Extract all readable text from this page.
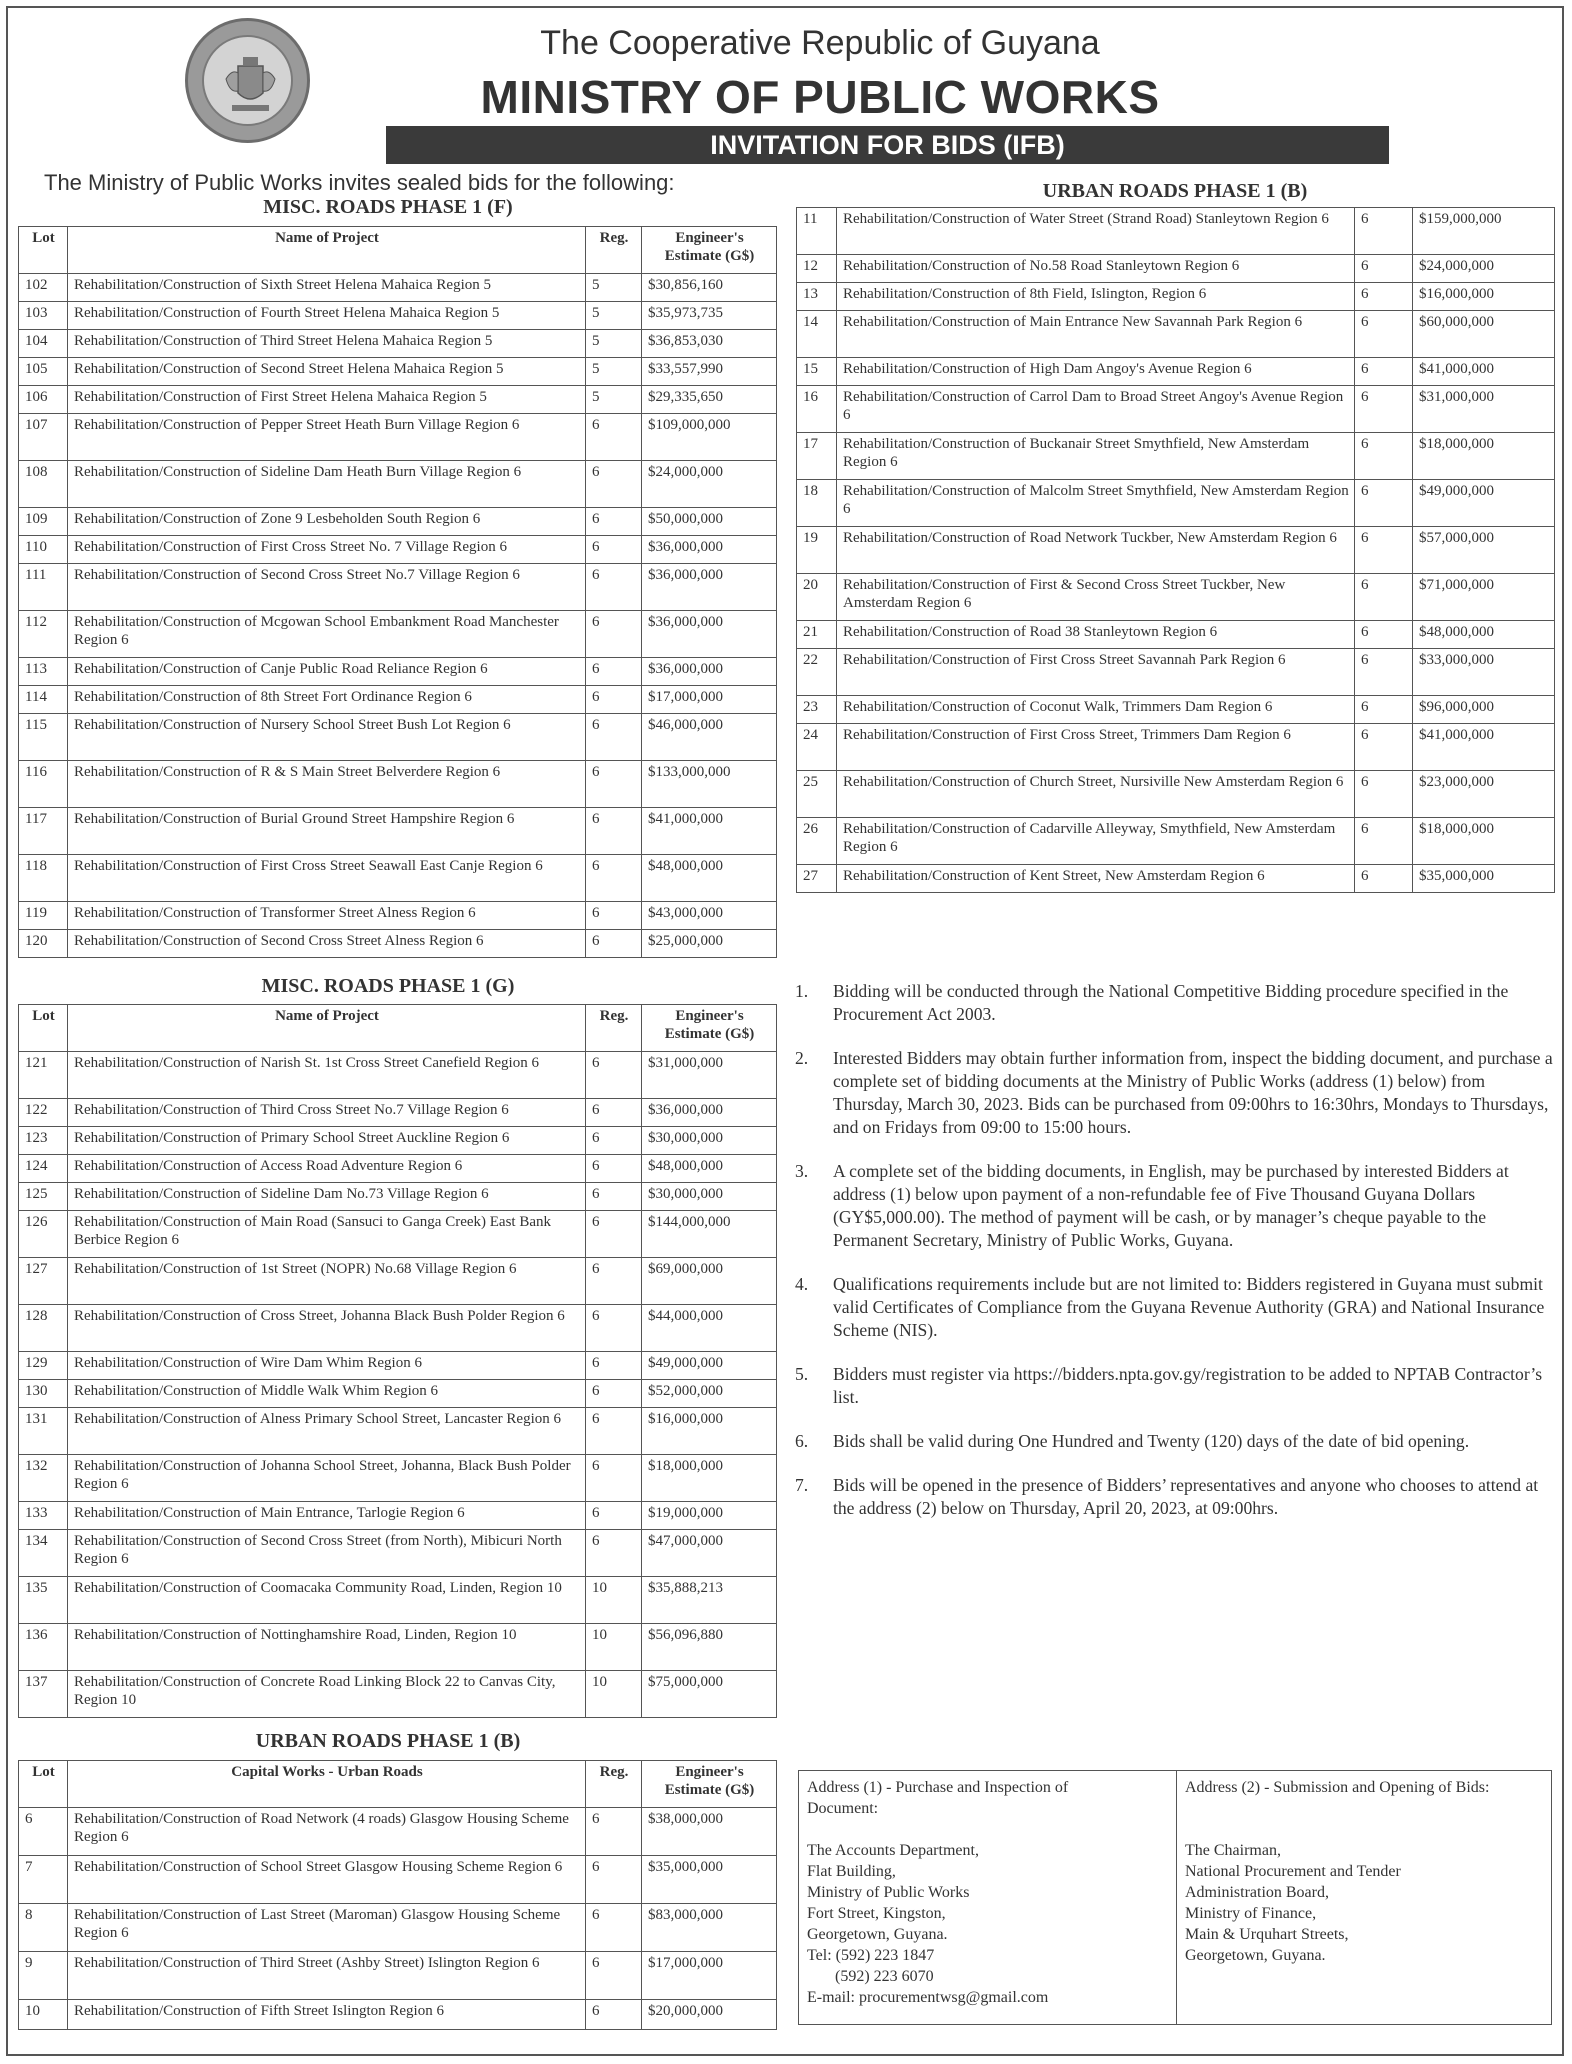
The Cooperative Republic of Guyana
MINISTRY OF PUBLIC WORKS
INVITATION FOR BIDS (IFB)
The Ministry of Public Works invites sealed bids for the following:
MISC. ROADS PHASE 1 (F)
Lot	Name of Project	Reg.	Engineer's Estimate (G$)
102	Rehabilitation/Construction of Sixth Street Helena Mahaica Region 5	5	$30,856,160
103	Rehabilitation/Construction of Fourth Street Helena Mahaica Region 5	5	$35,973,735
104	Rehabilitation/Construction of Third Street Helena Mahaica Region 5	5	$36,853,030
105	Rehabilitation/Construction of Second Street Helena Mahaica Region 5	5	$33,557,990
106	Rehabilitation/Construction of First Street Helena Mahaica Region 5	5	$29,335,650
107	Rehabilitation/Construction of Pepper Street Heath Burn Village Region 6	6	$109,000,000
108	Rehabilitation/Construction of Sideline Dam Heath Burn Village Region 6	6	$24,000,000
109	Rehabilitation/Construction of Zone 9 Lesbeholden South Region 6	6	$50,000,000
110	Rehabilitation/Construction of First Cross Street No. 7 Village Region 6	6	$36,000,000
111	Rehabilitation/Construction of Second Cross Street No.7 Village Region 6	6	$36,000,000
112	Rehabilitation/Construction of Mcgowan School Embankment Road Manchester Region 6	6	$36,000,000
113	Rehabilitation/Construction of Canje Public Road Reliance Region 6	6	$36,000,000
114	Rehabilitation/Construction of 8th Street Fort Ordinance Region 6	6	$17,000,000
115	Rehabilitation/Construction of Nursery School Street Bush Lot Region 6	6	$46,000,000
116	Rehabilitation/Construction of R & S Main Street Belverdere Region 6	6	$133,000,000
117	Rehabilitation/Construction of Burial Ground Street Hampshire Region 6	6	$41,000,000
118	Rehabilitation/Construction of First Cross Street Seawall East Canje Region 6	6	$48,000,000
119	Rehabilitation/Construction of Transformer Street Alness Region 6	6	$43,000,000
120	Rehabilitation/Construction of Second Cross Street Alness Region 6	6	$25,000,000
MISC. ROADS PHASE 1 (G)
Lot	Name of Project	Reg.	Engineer's Estimate (G$)
121	Rehabilitation/Construction of Narish St. 1st Cross Street Canefield Region 6	6	$31,000,000
122	Rehabilitation/Construction of Third Cross Street No.7 Village Region 6	6	$36,000,000
123	Rehabilitation/Construction of Primary School Street Auckline Region 6	6	$30,000,000
124	Rehabilitation/Construction of Access Road Adventure Region 6	6	$48,000,000
125	Rehabilitation/Construction of Sideline Dam No.73 Village Region 6	6	$30,000,000
126	Rehabilitation/Construction of Main Road (Sansuci to Ganga Creek) East Bank Berbice Region 6	6	$144,000,000
127	Rehabilitation/Construction of 1st Street (NOPR) No.68 Village Region 6	6	$69,000,000
128	Rehabilitation/Construction of Cross Street, Johanna Black Bush Polder Region 6	6	$44,000,000
129	Rehabilitation/Construction of Wire Dam Whim Region 6	6	$49,000,000
130	Rehabilitation/Construction of Middle Walk Whim Region 6	6	$52,000,000
131	Rehabilitation/Construction of Alness Primary School Street, Lancaster Region 6	6	$16,000,000
132	Rehabilitation/Construction of Johanna School Street, Johanna, Black Bush Polder Region 6	6	$18,000,000
133	Rehabilitation/Construction of Main Entrance, Tarlogie Region 6	6	$19,000,000
134	Rehabilitation/Construction of Second Cross Street (from North), Mibicuri North Region 6	6	$47,000,000
135	Rehabilitation/Construction of Coomacaka Community Road, Linden, Region 10	10	$35,888,213
136	Rehabilitation/Construction of Nottinghamshire Road, Linden, Region 10	10	$56,096,880
137	Rehabilitation/Construction of Concrete Road Linking Block 22 to Canvas City, Region 10	10	$75,000,000
URBAN ROADS PHASE 1 (B)
Lot	Capital Works - Urban Roads	Reg.	Engineer's Estimate (G$)
6	Rehabilitation/Construction of Road Network (4 roads) Glasgow Housing Scheme Region 6	6	$38,000,000
7	Rehabilitation/Construction of School Street Glasgow Housing Scheme Region 6	6	$35,000,000
8	Rehabilitation/Construction of Last Street (Maroman) Glasgow Housing Scheme Region 6	6	$83,000,000
9	Rehabilitation/Construction of Third Street (Ashby Street) Islington Region 6	6	$17,000,000
10	Rehabilitation/Construction of Fifth Street Islington Region 6	6	$20,000,000
URBAN ROADS PHASE 1 (B)
11	Rehabilitation/Construction of Water Street (Strand Road) Stanleytown Region 6	6	$159,000,000
12	Rehabilitation/Construction of No.58 Road Stanleytown Region 6	6	$24,000,000
13	Rehabilitation/Construction of 8th Field, Islington, Region 6	6	$16,000,000
14	Rehabilitation/Construction of Main Entrance New Savannah Park Region 6	6	$60,000,000
15	Rehabilitation/Construction of High Dam Angoy's Avenue Region 6	6	$41,000,000
16	Rehabilitation/Construction of Carrol Dam to Broad Street Angoy's Avenue Region 6	6	$31,000,000
17	Rehabilitation/Construction of Buckanair Street Smythfield, New Amsterdam Region 6	6	$18,000,000
18	Rehabilitation/Construction of Malcolm Street Smythfield, New Amsterdam Region 6	6	$49,000,000
19	Rehabilitation/Construction of Road Network Tuckber, New Amsterdam Region 6	6	$57,000,000
20	Rehabilitation/Construction of First & Second Cross Street Tuckber, New Amsterdam Region 6	6	$71,000,000
21	Rehabilitation/Construction of Road 38 Stanleytown Region 6	6	$48,000,000
22	Rehabilitation/Construction of First Cross Street Savannah Park Region 6	6	$33,000,000
23	Rehabilitation/Construction of Coconut Walk, Trimmers Dam Region 6	6	$96,000,000
24	Rehabilitation/Construction of First Cross Street, Trimmers Dam Region 6	6	$41,000,000
25	Rehabilitation/Construction of Church Street, Nursiville New Amsterdam Region 6	6	$23,000,000
26	Rehabilitation/Construction of Cadarville Alleyway, Smythfield, New Amsterdam Region 6	6	$18,000,000
27	Rehabilitation/Construction of Kent Street, New Amsterdam Region 6	6	$35,000,000
1. Bidding will be conducted through the National Competitive Bidding procedure specified in the Procurement Act 2003.
2. Interested Bidders may obtain further information from, inspect the bidding document, and purchase a complete set of bidding documents at the Ministry of Public Works (address (1) below) from Thursday, March 30, 2023. Bids can be purchased from 09:00hrs to 16:30hrs, Mondays to Thursdays, and on Fridays from 09:00 to 15:00 hours.
3. A complete set of the bidding documents, in English, may be purchased by interested Bidders at address (1) below upon payment of a non-refundable fee of Five Thousand Guyana Dollars (GY$5,000.00). The method of payment will be cash, or by manager’s cheque payable to the Permanent Secretary, Ministry of Public Works, Guyana.
4. Qualifications requirements include but are not limited to: Bidders registered in Guyana must submit valid Certificates of Compliance from the Guyana Revenue Authority (GRA) and National Insurance Scheme (NIS).
5. Bidders must register via https://bidders.npta.gov.gy/registration to be added to NPTAB Contractor’s list.
6. Bids shall be valid during One Hundred and Twenty (120) days of the date of bid opening.
7. Bids will be opened in the presence of Bidders’ representatives and anyone who chooses to attend at the address (2) below on Thursday, April 20, 2023, at 09:00hrs.
Address (1) - Purchase and Inspection of
Document:
The Accounts Department,
Flat Building,
Ministry of Public Works
Fort Street, Kingston,
Georgetown, Guyana.
Tel: (592) 223 1847
(592) 223 6070
E-mail: procurementwsg@gmail.com
Address (2) - Submission and Opening of Bids:
The Chairman,
National Procurement and Tender
Administration Board,
Ministry of Finance,
Main & Urquhart Streets,
Georgetown, Guyana.
